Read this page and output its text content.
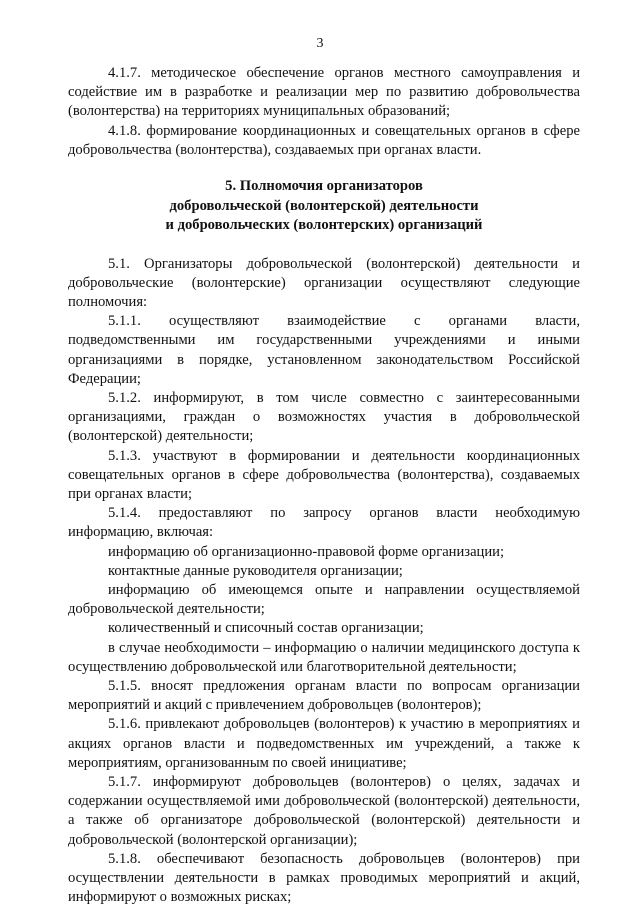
3

4.1.7. методическое обеспечение органов местного самоуправления и содействие им в разработке и реализации мер по развитию добровольчества (волонтерства) на территориях муниципальных образований;

4.1.8. формирование координационных и совещательных органов в сфере добровольчества (волонтерства), создаваемых при органах власти.

5. Полномочия организаторов
добровольческой (волонтерской) деятельности
и добровольческих (волонтерских) организаций

5.1. Организаторы добровольческой (волонтерской) деятельности и добровольческие (волонтерские) организации осуществляют следующие полномочия:

5.1.1. осуществляют взаимодействие с органами власти, подведомственными им государственными учреждениями и иными организациями в порядке, установленном законодательством Российской Федерации;

5.1.2. информируют, в том числе совместно с заинтересованными организациями, граждан о возможностях участия в добровольческой (волонтерской) деятельности;

5.1.3. участвуют в формировании и деятельности координационных совещательных органов в сфере добровольчества (волонтерства), создаваемых при органах власти;

5.1.4. предоставляют по запросу органов власти необходимую информацию, включая:

информацию об организационно-правовой форме организации;

контактные данные руководителя организации;

информацию об имеющемся опыте и направлении осуществляемой добровольческой деятельности;

количественный и списочный состав организации;

в случае необходимости – информацию о наличии медицинского доступа к осуществлению добровольческой или благотворительной деятельности;

5.1.5. вносят предложения органам власти по вопросам организации мероприятий и акций с привлечением добровольцев (волонтеров);

5.1.6. привлекают добровольцев (волонтеров) к участию в мероприятиях и акциях органов власти и подведомственных им учреждений, а также к мероприятиям, организованным по своей инициативе;

5.1.7. информируют добровольцев (волонтеров) о целях, задачах и содержании осуществляемой ими добровольческой (волонтерской) деятельности, а также об организаторе добровольческой (волонтерской) деятельности и добровольческой (волонтерской организации);

5.1.8. обеспечивают безопасность добровольцев (волонтеров) при осуществлении деятельности в рамках проводимых мероприятий и акций, информируют о возможных рисках;
